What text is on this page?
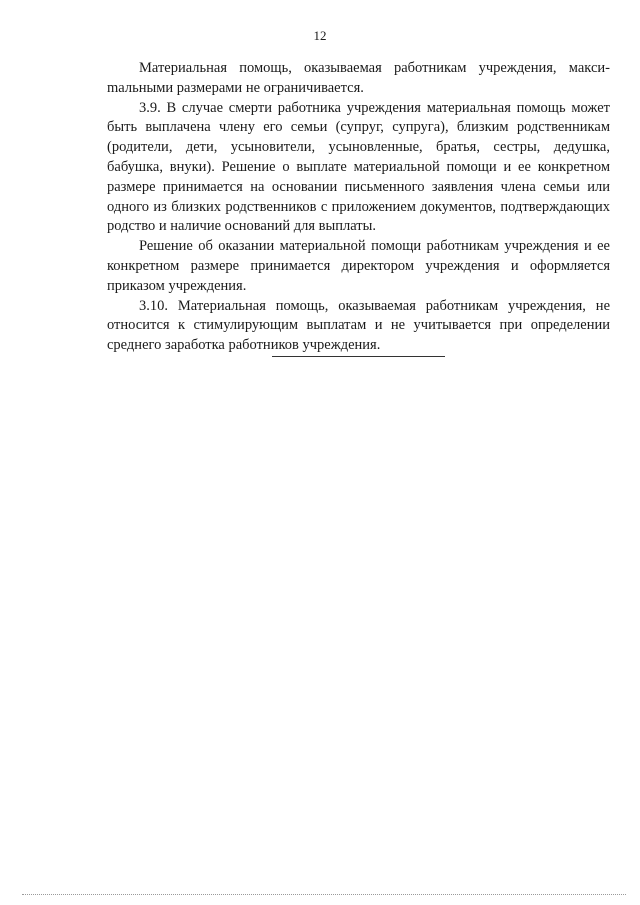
12

Материальная помощь, оказываемая работникам учреждения, максиmальными размерами не ограничивается.

3.9. В случае смерти работника учреждения материальная помощь может быть выплачена члену его семьи (супруг, супруга), близким родственникам (родители, дети, усыновители, усыновленные, братья, сестры, дедушка, бабушка, внуки). Решение о выплате материальной помощи и ее конкретном размере принимается на основании письменного заявления члена семьи или одного из близких родственников с приложением документов, подтверждающих родство и наличие оснований для выплаты.

Решение об оказании материальной помощи работникам учреждения и ее конкретном размере принимается директором учреждения и оформляется приказом учреждения.

3.10. Материальная помощь, оказываемая работникам учреждения, не относится к стимулирующим выплатам и не учитывается при определении среднего заработка работников учреждения.
